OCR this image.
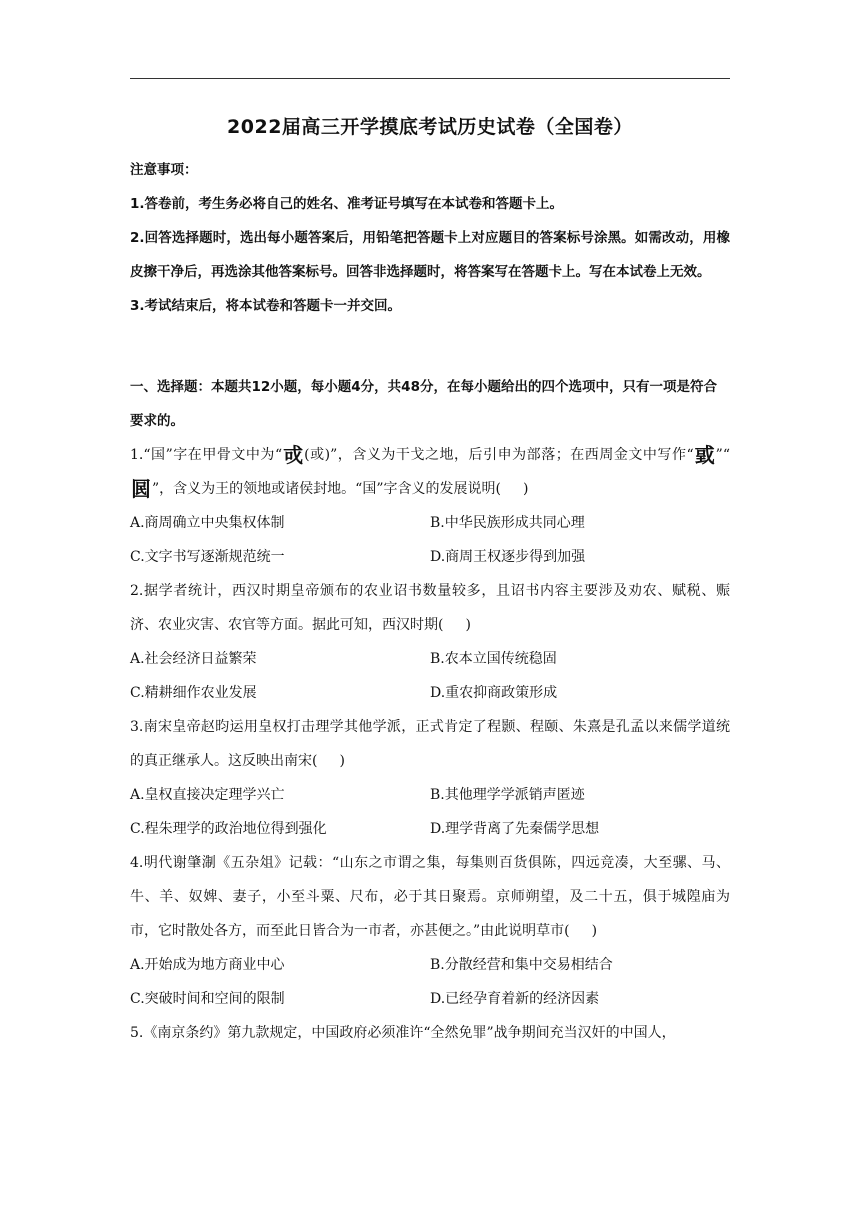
2022届高三开学摸底考试历史试卷（全国卷）

注意事项：

1.答卷前，考生务必将自己的姓名、准考证号填写在本试卷和答题卡上。

2.回答选择题时，选出每小题答案后，用铅笔把答题卡上对应题目的答案标号涂黑。如需改动，用橡皮擦干净后，再选涂其他答案标号。回答非选择题时，将答案写在答题卡上。写在本试卷上无效。

3.考试结束后，将本试卷和答题卡一并交回。

一、选择题：本题共12小题，每小题4分，共48分，在每小题给出的四个选项中，只有一项是符合要求的。

1.“国”字在甲骨文中为“戓(或)”，含义为干戈之地，后引申为部落；在西周金文中写作“戜”“囻”，含义为王的领地或诸侯封地。“国”字含义的发展说明( )

A.商周确立中央集权体制	B.中华民族形成共同心理
C.文字书写逐渐规范统一	D.商周王权逐步得到加强

2.据学者统计，西汉时期皇帝颁布的农业诏书数量较多，且诏书内容主要涉及劝农、赋税、赈济、农业灾害、农官等方面。据此可知，西汉时期( )

A.社会经济日益繁荣	B.农本立国传统稳固
C.精耕细作农业发展	D.重农抑商政策形成

3.南宋皇帝赵昀运用皇权打击理学其他学派，正式肯定了程颢、程颐、朱熹是孔孟以来儒学道统的真正继承人。这反映出南宋( )

A.皇权直接决定理学兴亡	B.其他理学学派销声匿迹
C.程朱理学的政治地位得到强化	D.理学背离了先秦儒学思想

4.明代谢肇淛《五杂俎》记载：“山东之市谓之集，每集则百货俱陈，四远竞凑，大至骡、马、牛、羊、奴婢、妻子，小至斗粟、尺布，必于其日聚焉。京师朔望，及二十五，俱于城隍庙为市，它时散处各方，而至此日皆合为一市者，亦甚便之。”由此说明草市( )

A.开始成为地方商业中心	B.分散经营和集中交易相结合
C.突破时间和空间的限制	D.已经孕育着新的经济因素

5.《南京条约》第九款规定，中国政府必须准许“全然免罪”战争期间充当汉奸的中国人，
